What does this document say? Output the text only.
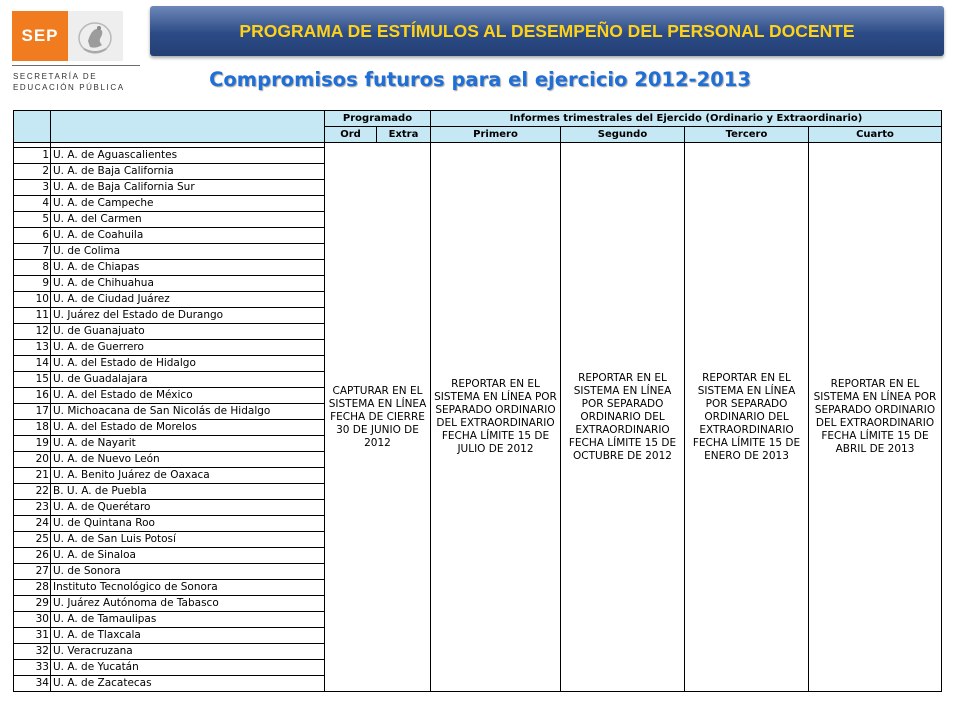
SEP
SECRETARÍA DE
EDUCACIÓN PÚBLICA
PROGRAMA DE ESTÍMULOS AL DESEMPEÑO DEL PERSONAL DOCENTE
Compromisos futuros para el ejercicio 2012-2013
		Programado		Informes trimestrales del Ejercido (Ordinario y Extraordinario)			
		Ord	Extra	Primero	Segundo	Tercero	Cuarto
		CAPTURAR EN EL SISTEMA EN LÍNEA FECHA DE CIERRE 30 DE JUNIO DE 2012		REPORTAR EN EL SISTEMA EN LÍNEA POR SEPARADO ORDINARIO DEL EXTRAORDINARIO FECHA LÍMITE 15 DE JULIO DE 2012	REPORTAR EN EL SISTEMA EN LÍNEA POR SEPARADO ORDINARIO DEL EXTRAORDINARIO FECHA LÍMITE 15 DE OCTUBRE DE 2012	REPORTAR EN EL SISTEMA EN LÍNEA POR SEPARADO ORDINARIO DEL EXTRAORDINARIO FECHA LÍMITE 15 DE ENERO DE 2013	REPORTAR EN EL SISTEMA EN LÍNEA POR SEPARADO ORDINARIO DEL EXTRAORDINARIO FECHA LÍMITE 15 DE ABRIL DE 2013
1	U. A. de Aguascalientes						
2	U. A. de Baja California						
3	U. A. de Baja California Sur						
4	U. A. de Campeche						
5	U. A. del Carmen						
6	U. A. de Coahuila						
7	U. de Colima						
8	U. A. de Chiapas						
9	U. A. de Chihuahua						
10	U. A. de Ciudad Juárez						
11	U. Juárez del Estado de Durango						
12	U. de Guanajuato						
13	U. A. de Guerrero						
14	U. A. del Estado de Hidalgo						
15	U. de Guadalajara						
16	U. A. del Estado de México						
17	U. Michoacana de San Nicolás de Hidalgo						
18	U. A. del Estado de Morelos						
19	U. A. de Nayarit						
20	U. A. de Nuevo León						
21	U. A. Benito Juárez de Oaxaca						
22	B. U. A. de Puebla						
23	U. A. de Querétaro						
24	U. de Quintana Roo						
25	U. A. de San Luis Potosí						
26	U. A. de Sinaloa						
27	U. de Sonora						
28	Instituto Tecnológico de Sonora						
29	U. Juárez Autónoma de Tabasco						
30	U. A. de Tamaulipas						
31	U. A. de Tlaxcala						
32	U. Veracruzana						
33	U. A. de Yucatán						
34	U. A. de Zacatecas						
